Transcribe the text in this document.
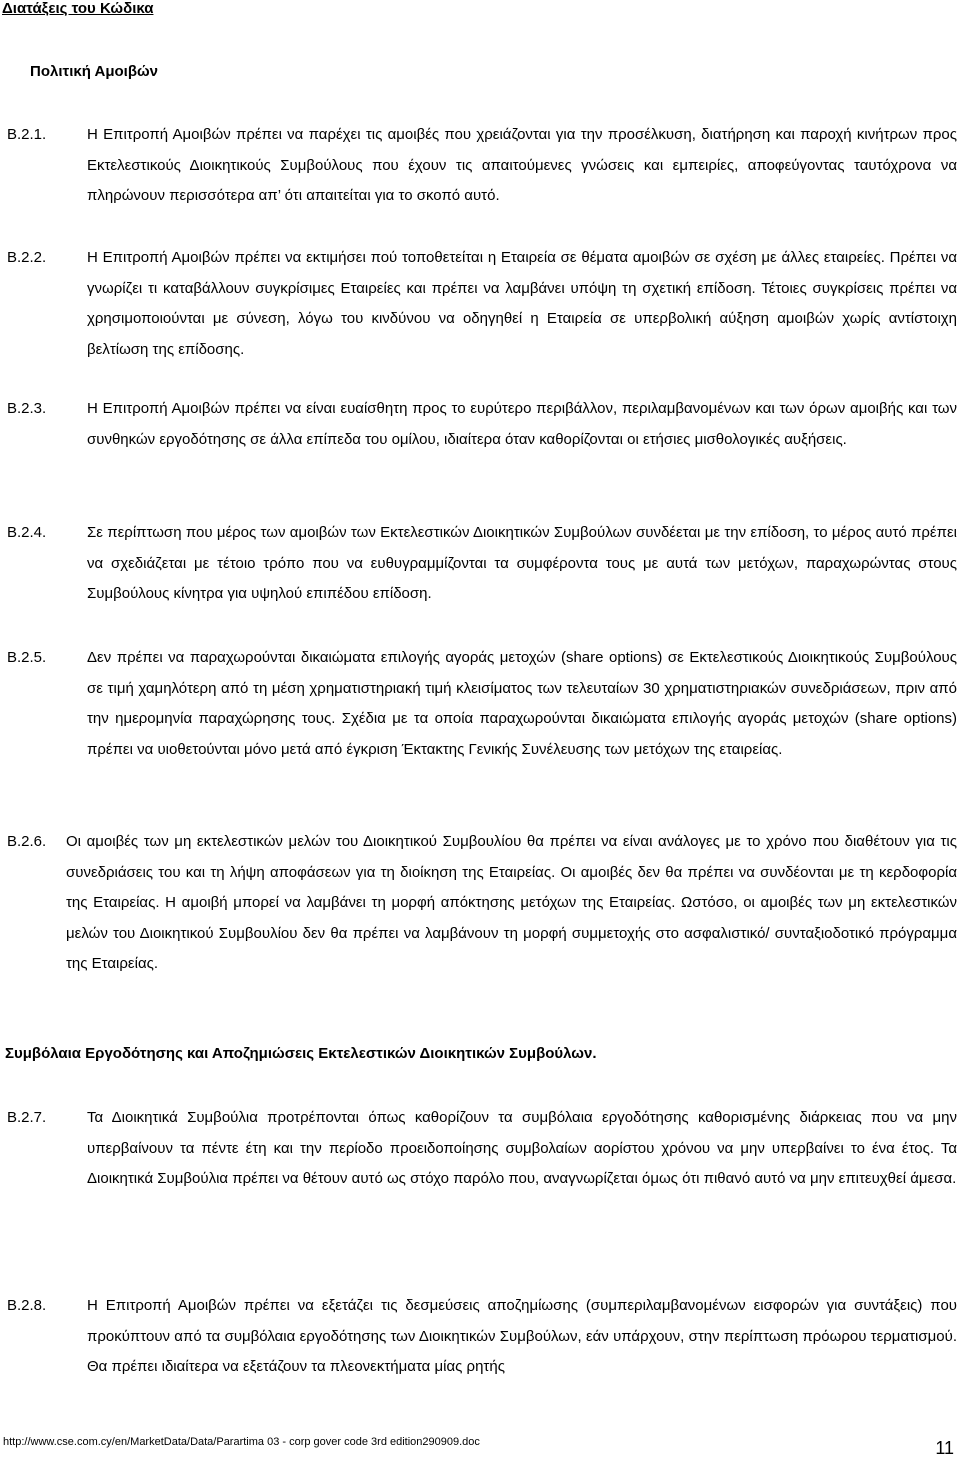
Διατάξεις του Κώδικα
Πολιτική Αμοιβών
Β.2.1.	Η Επιτροπή Αμοιβών πρέπει να παρέχει τις αμοιβές που χρειάζονται για την προσέλκυση, διατήρηση και παροχή κινήτρων προς Εκτελεστικούς Διοικητικούς Συμβούλους που έχουν τις απαιτούμενες γνώσεις και εμπειρίες, αποφεύγοντας ταυτόχρονα να πληρώνουν περισσότερα απ’ ότι απαιτείται για το σκοπό αυτό.
Β.2.2.	Η Επιτροπή Αμοιβών πρέπει να εκτιμήσει πού τοποθετείται η Εταιρεία σε θέματα αμοιβών σε σχέση με άλλες εταιρείες. Πρέπει να γνωρίζει τι καταβάλλουν συγκρίσιμες Εταιρείες και πρέπει να λαμβάνει υπόψη τη σχετική επίδοση. Τέτοιες συγκρίσεις πρέπει να χρησιμοποιούνται με σύνεση, λόγω του κινδύνου να οδηγηθεί η Εταιρεία σε υπερβολική αύξηση αμοιβών χωρίς αντίστοιχη βελτίωση της επίδοσης.
Β.2.3.	Η Επιτροπή Αμοιβών πρέπει να είναι ευαίσθητη προς το ευρύτερο περιβάλλον, περιλαμβανομένων και των όρων αμοιβής και των συνθηκών εργοδότησης σε άλλα επίπεδα του ομίλου, ιδιαίτερα όταν καθορίζονται οι ετήσιες μισθολογικές αυξήσεις.
Β.2.4.	Σε περίπτωση που μέρος των αμοιβών των Εκτελεστικών Διοικητικών Συμβούλων συνδέεται με την επίδοση, το μέρος αυτό πρέπει να σχεδιάζεται με τέτοιο τρόπο που να ευθυγραμμίζονται τα συμφέροντα τους με αυτά των μετόχων, παραχωρώντας στους Συμβούλους κίνητρα για υψηλού επιπέδου επίδοση.
Β.2.5.	Δεν πρέπει να παραχωρούνται δικαιώματα επιλογής αγοράς μετοχών (share options) σε Εκτελεστικούς Διοικητικούς Συμβούλους σε τιμή χαμηλότερη από τη μέση χρηματιστηριακή τιμή κλεισίματος των τελευταίων 30 χρηματιστηριακών συνεδριάσεων, πριν από την ημερομηνία παραχώρησης τους. Σχέδια με τα οποία παραχωρούνται δικαιώματα επιλογής αγοράς μετοχών (share options) πρέπει να υιοθετούνται μόνο μετά από έγκριση Έκτακτης Γενικής Συνέλευσης των μετόχων της εταιρείας.
Β.2.6. Οι αμοιβές των μη εκτελεστικών μελών του Διοικητικού Συμβουλίου θα πρέπει να είναι ανάλογες με το χρόνο που διαθέτουν για τις συνεδριάσεις του και τη λήψη αποφάσεων για τη διοίκηση της Εταιρείας. Οι αμοιβές δεν θα πρέπει να συνδέονται με τη κερδοφορία της Εταιρείας. Η αμοιβή μπορεί να λαμβάνει τη μορφή απόκτησης μετόχων της Εταιρείας. Ωστόσο, οι αμοιβές των μη εκτελεστικών μελών του Διοικητικού Συμβουλίου δεν θα πρέπει να λαμβάνουν τη μορφή συμμετοχής στο ασφαλιστικό/ συνταξιοδοτικό πρόγραμμα της Εταιρείας.
Συμβόλαια Εργοδότησης και Αποζημιώσεις Εκτελεστικών Διοικητικών Συμβούλων.
Β.2.7.	Τα Διοικητικά Συμβούλια προτρέπονται όπως καθορίζουν τα συμβόλαια εργοδότησης καθορισμένης διάρκειας που να μην υπερβαίνουν τα πέντε έτη και την περίοδο προειδοποίησης συμβολαίων αορίστου χρόνου να μην υπερβαίνει το ένα έτος. Τα Διοικητικά Συμβούλια πρέπει να θέτουν αυτό ως στόχο παρόλο που, αναγνωρίζεται όμως ότι πιθανό αυτό να μην επιτευχθεί άμεσα.
Β.2.8.	Η Επιτροπή Αμοιβών πρέπει να εξετάζει τις δεσμεύσεις αποζημίωσης (συμπεριλαμβανομένων εισφορών για συντάξεις) που προκύπτουν από τα συμβόλαια εργοδότησης των Διοικητικών Συμβούλων, εάν υπάρχουν, στην περίπτωση πρόωρου τερματισμού. Θα πρέπει ιδιαίτερα να εξετάζουν τα πλεονεκτήματα μίας ρητής
http://www.cse.com.cy/en/MarketData/Data/Parartima 03 - corp gover code 3rd edition290909.doc	11
